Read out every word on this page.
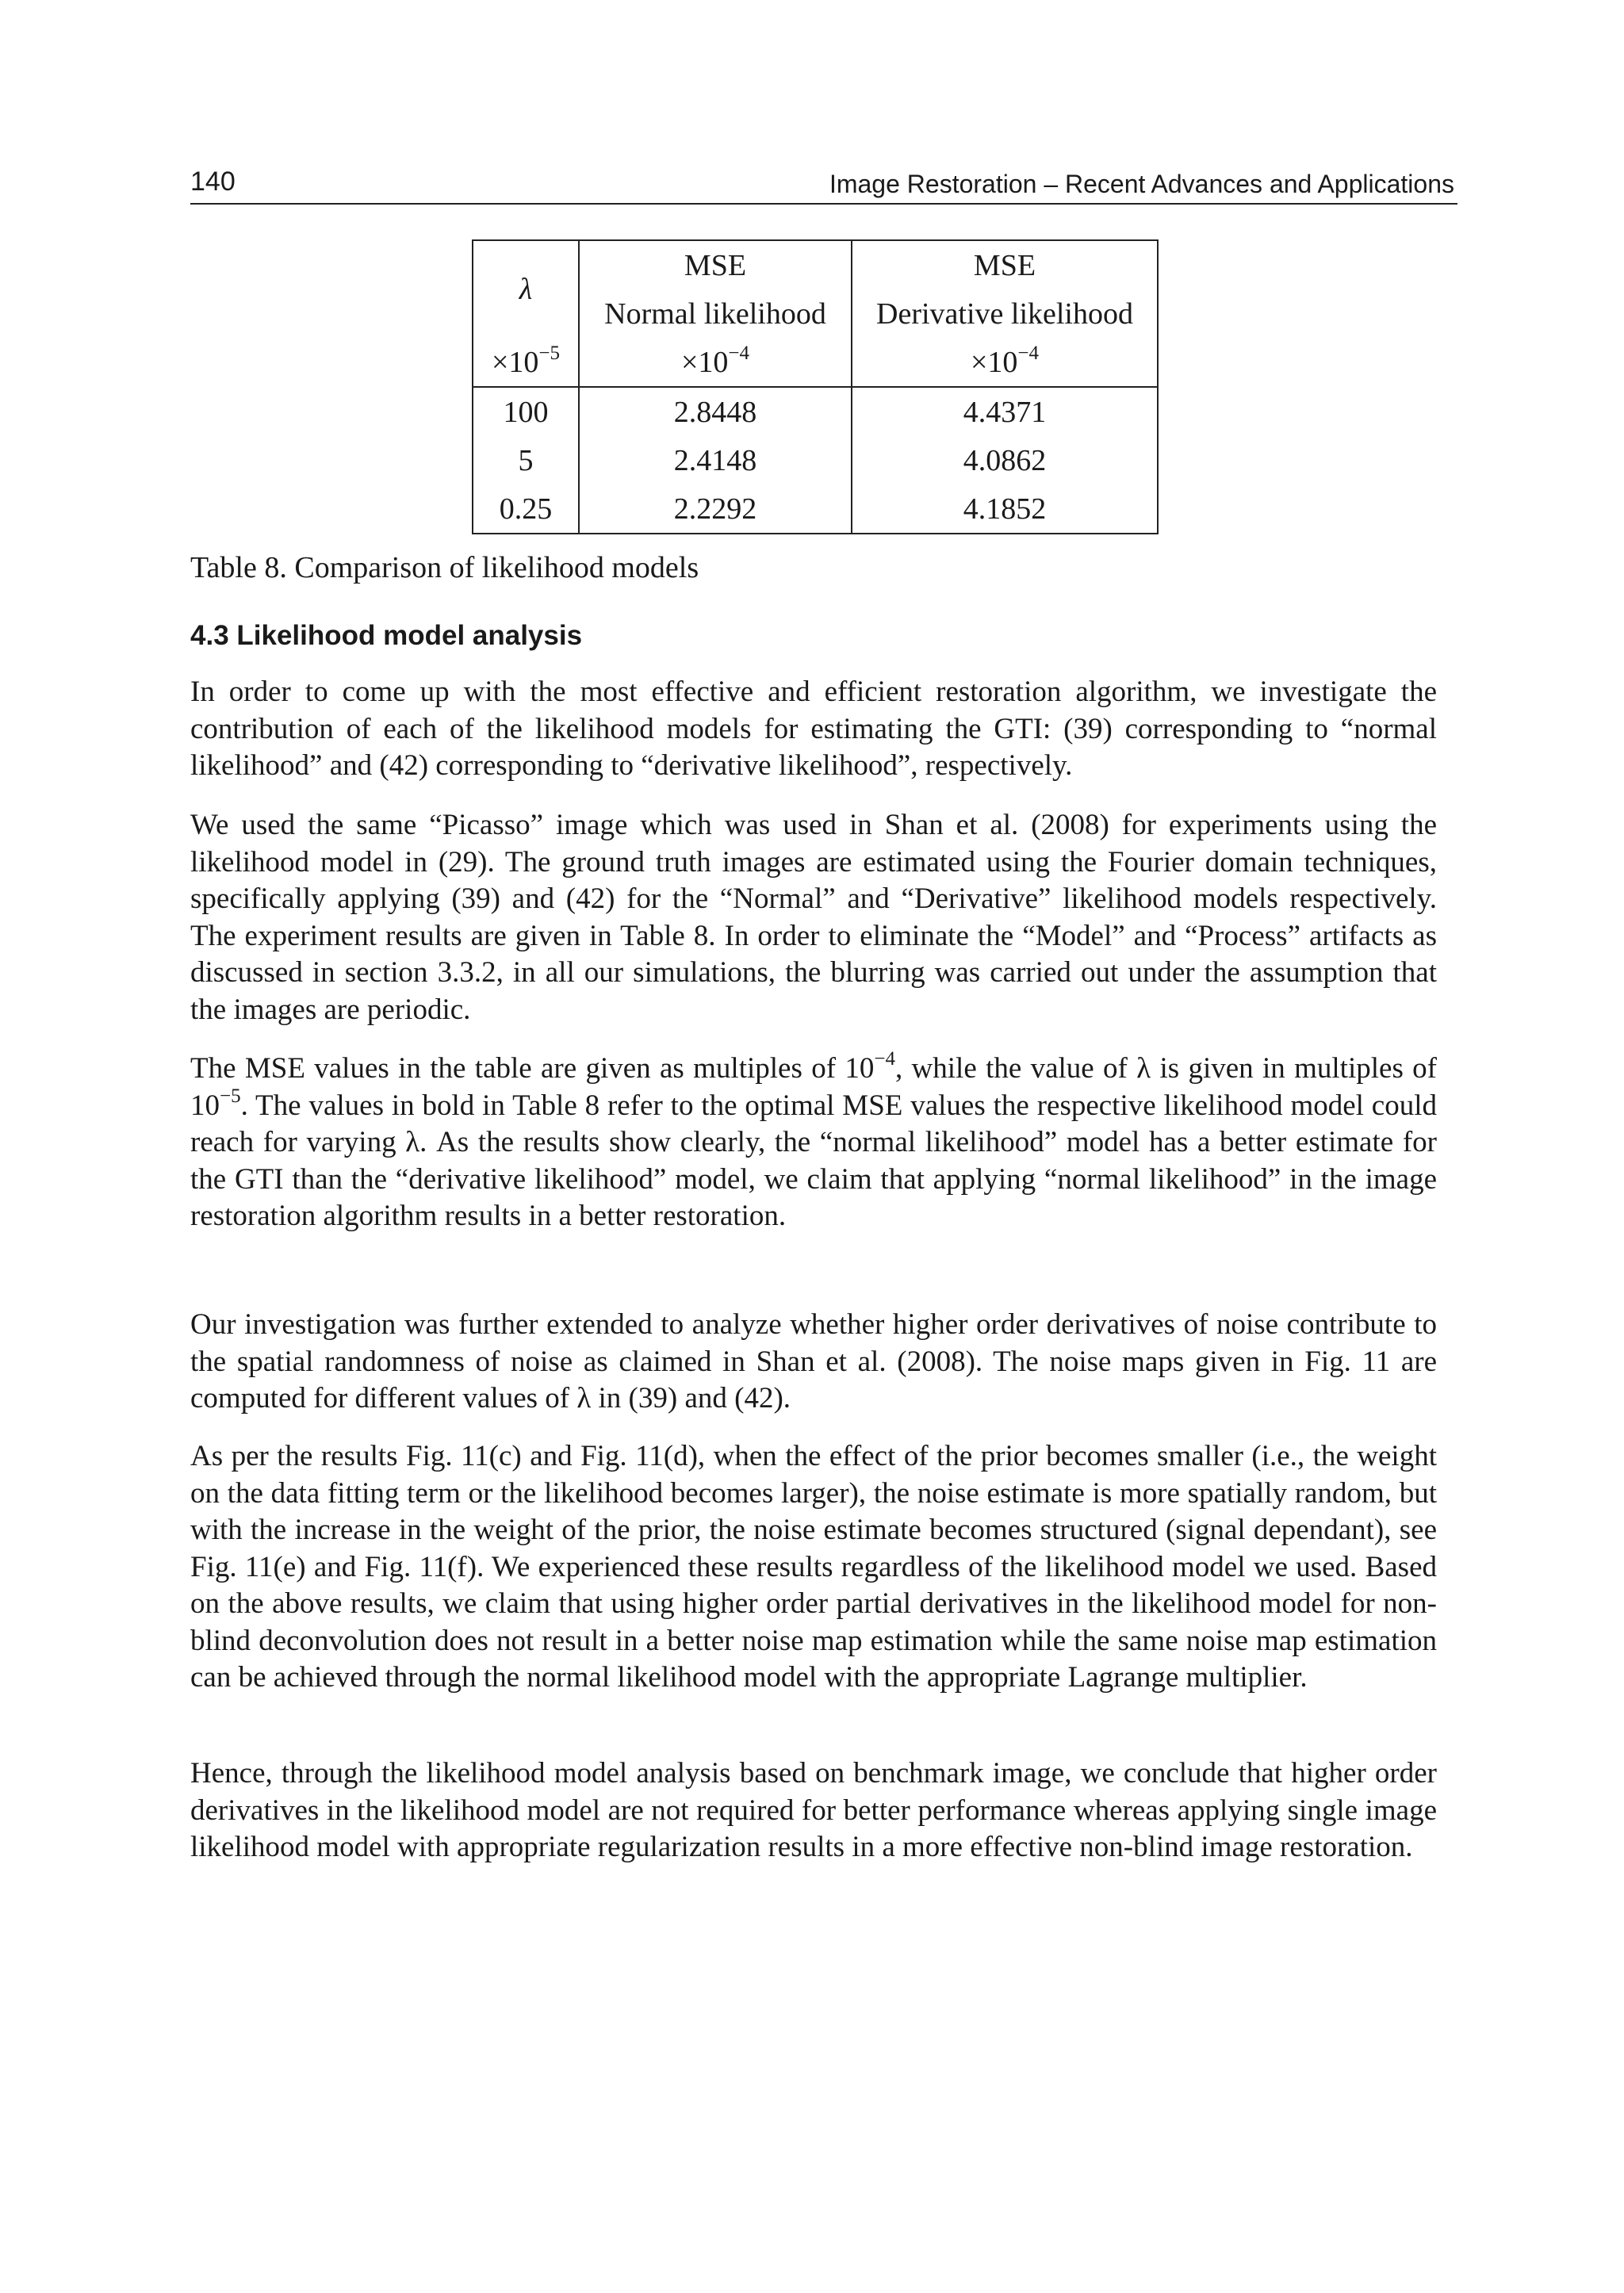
140	Image Restoration – Recent Advances and Applications
λ	MSE	MSE
	Normal likelihood	Derivative likelihood
$\times 10^{-5}$	$\times 10^{-4}$	$\times 10^{-4}$
100	2.8448	4.4371
5	2.4148	4.0862
0.25	2.2292	4.1852
Table 8. Comparison of likelihood models
4.3 Likelihood model analysis

In order to come up with the most effective and efficient restoration algorithm, we investigate the contribution of each of the likelihood models for estimating the GTI: (39) corresponding to “normal likelihood” and (42) corresponding to “derivative likelihood”, respectively.

We used the same “Picasso” image which was used in Shan et al. (2008) for experiments using the likelihood model in (29). The ground truth images are estimated using the Fourier domain techniques, specifically applying (39) and (42) for the “Normal” and “Derivative” likelihood models respectively. The experiment results are given in Table 8. In order to eliminate the “Model” and “Process” artifacts as discussed in section 3.3.2, in all our simulations, the blurring was carried out under the assumption that the images are periodic.

The MSE values in the table are given as multiples of $10^{-4}$, while the value of λ is given in multiples of $10^{-5}$. The values in bold in Table 8 refer to the optimal MSE values the respective likelihood model could reach for varying λ. As the results show clearly, the “normal likelihood” model has a better estimate for the GTI than the “derivative likelihood” model, we claim that applying “normal likelihood” in the image restoration algorithm results in a better restoration.

Our investigation was further extended to analyze whether higher order derivatives of noise contribute to the spatial randomness of noise as claimed in Shan et al. (2008). The noise maps given in Fig. 11 are computed for different values of λ in (39) and (42).

As per the results Fig. 11(c) and Fig. 11(d), when the effect of the prior becomes smaller (i.e., the weight on the data fitting term or the likelihood becomes larger), the noise estimate is more spatially random, but with the increase in the weight of the prior, the noise estimate becomes structured (signal dependant), see Fig. 11(e) and Fig. 11(f). We experienced these results regardless of the likelihood model we used. Based on the above results, we claim that using higher order partial derivatives in the likelihood model for non-blind deconvolution does not result in a better noise map estimation while the same noise map estimation can be achieved through the normal likelihood model with the appropriate Lagrange multiplier.

Hence, through the likelihood model analysis based on benchmark image, we conclude that higher order derivatives in the likelihood model are not required for better performance whereas applying single image likelihood model with appropriate regularization results in a more effective non-blind image restoration.
